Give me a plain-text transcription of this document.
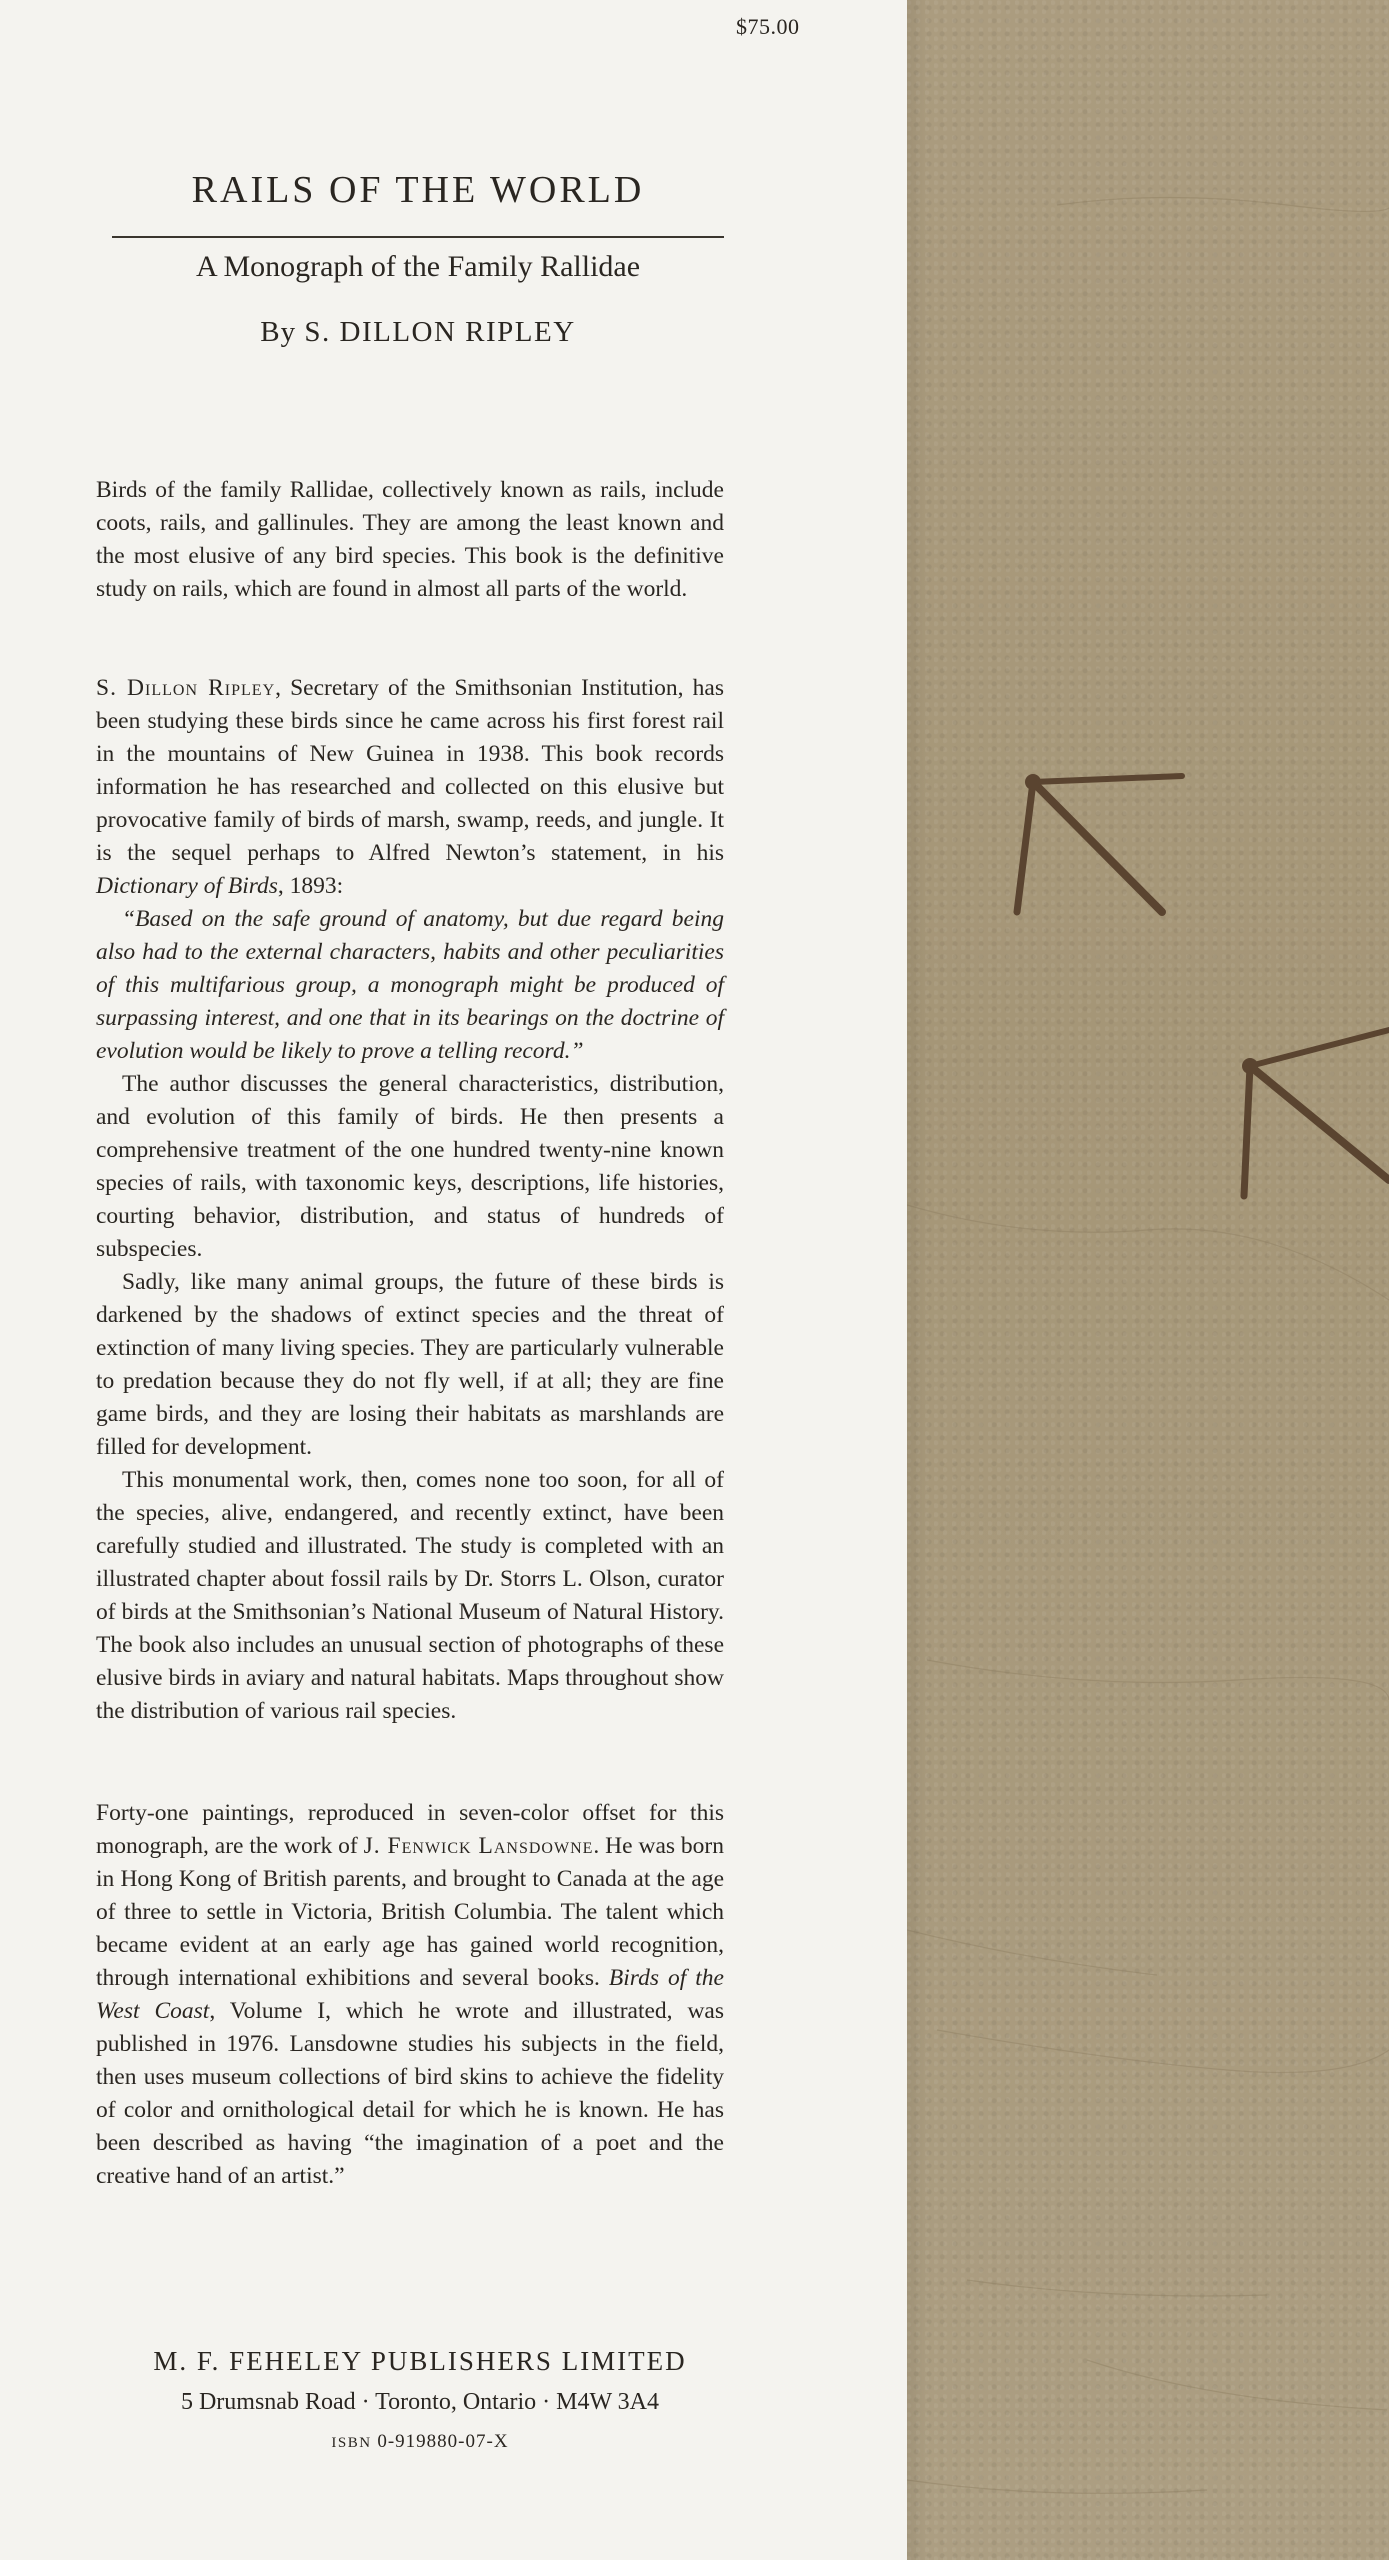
$75.00
RAILS OF THE WORLD
A Monograph of the Family Rallidae
By S. DILLON RIPLEY

Birds of the family Rallidae, collectively known as rails, include coots, rails, and gallinules. They are among the least known and the most elusive of any bird species. This book is the definitive study on rails, which are found in almost all parts of the world.

S. Dillon Ripley, Secretary of the Smithsonian Institution, has been studying these birds since he came across his first forest rail in the mountains of New Guinea in 1938. This book records information he has researched and collected on this elusive but provocative family of birds of marsh, swamp, reeds, and jungle. It is the sequel perhaps to Alfred Newton’s statement, in his Dictionary of Birds, 1893:

“Based on the safe ground of anatomy, but due regard being also had to the external characters, habits and other peculiarities of this multifarious group, a monograph might be produced of surpassing interest, and one that in its bearings on the doctrine of evolution would be likely to prove a telling record.”

The author discusses the general characteristics, distribution, and evolution of this family of birds. He then presents a comprehensive treatment of the one hundred twenty-nine known species of rails, with taxonomic keys, descriptions, life histories, courting behavior, distribution, and status of hundreds of subspecies.

Sadly, like many animal groups, the future of these birds is darkened by the shadows of extinct species and the threat of extinction of many living species. They are particularly vulnerable to predation because they do not fly well, if at all; they are fine game birds, and they are losing their habitats as marshlands are filled for development.

This monumental work, then, comes none too soon, for all of the species, alive, endangered, and recently extinct, have been carefully studied and illustrated. The study is completed with an illustrated chapter about fossil rails by Dr. Storrs L. Olson, curator of birds at the Smithsonian’s National Museum of Natural History. The book also includes an unusual section of photographs of these elusive birds in aviary and natural habitats. Maps throughout show the distribution of various rail species.

Forty-one paintings, reproduced in seven-color offset for this monograph, are the work of J. Fenwick Lansdowne. He was born in Hong Kong of British parents, and brought to Canada at the age of three to settle in Victoria, British Columbia. The talent which became evident at an early age has gained world recognition, through international exhibitions and several books. Birds of the West Coast, Volume I, which he wrote and illustrated, was published in 1976. Lansdowne studies his subjects in the field, then uses museum collections of bird skins to achieve the fidelity of color and ornithological detail for which he is known. He has been described as having “the imagination of a poet and the creative hand of an artist.”

M. F. FEHELEY PUBLISHERS LIMITED
5 Drumsnab Road · Toronto, Ontario · M4W 3A4
ISBN 0-919880-07-X
